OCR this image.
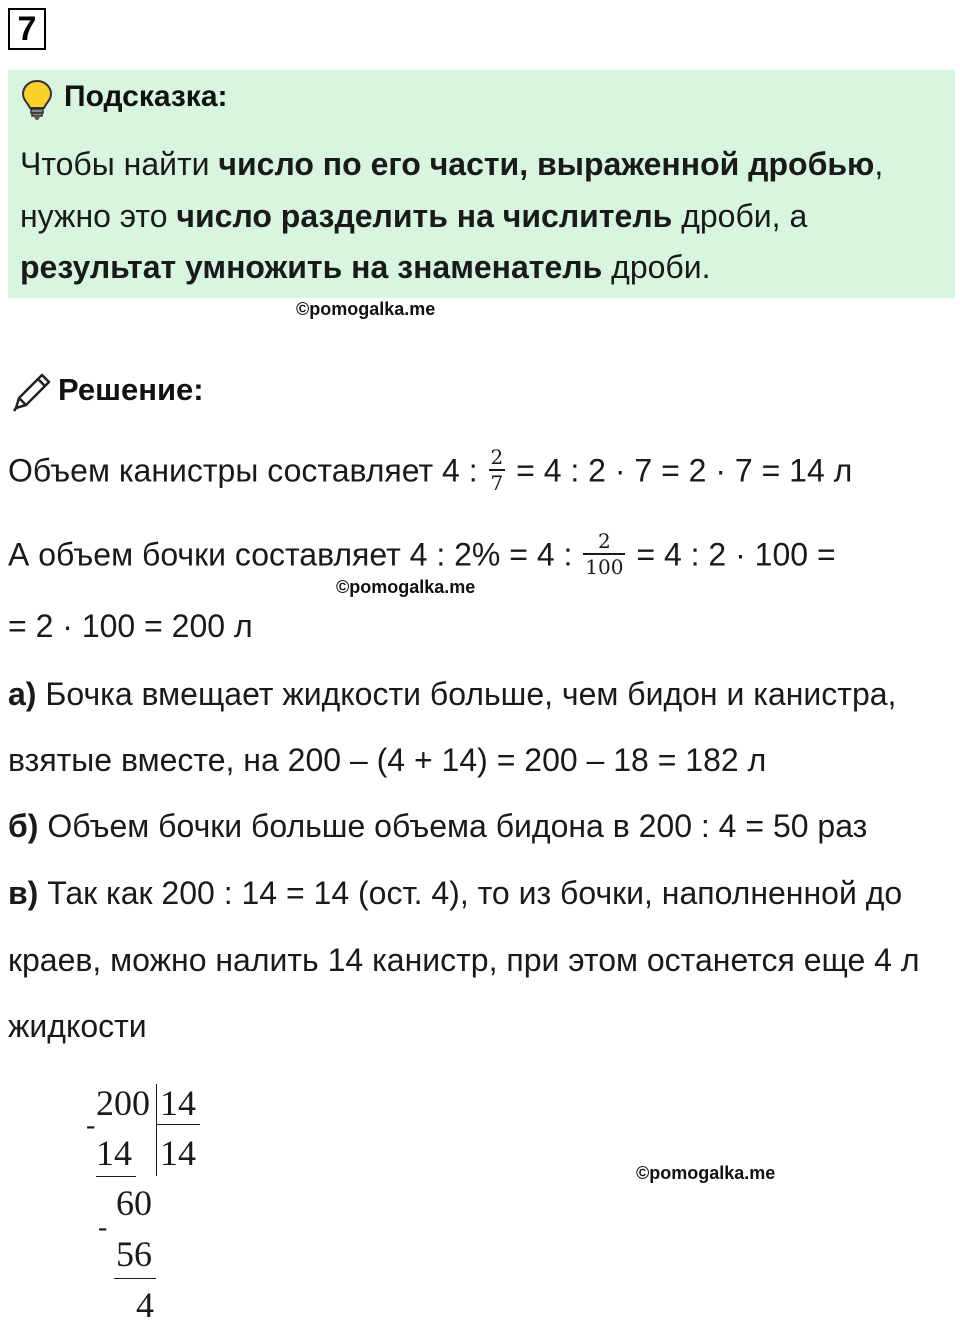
7
Подсказка:
Чтобы найти число по его части, выраженной дробью,
нужно это число разделить на числитель дроби, а
результат умножить на знаменатель дроби.
©pomogalka.me
Решение:
Объем канистры составляет 4 : $\frac{2}{7} = 4$ : 2 · 7 = 2 · 7 = 14 л
А объем бочки составляет 4 : 2% = 4 : $\frac{2}{100} = 4$ : 2 · 100 =
©pomogalka.me
= 2 · 100 = 200 л
а) Бочка вмещает жидкости больше, чем бидон и канистра,
взятые вместе, на 200 – (4 + 14) = 200 – 18 = 182 л
б) Объем бочки больше объема бидона в 200 : 4 = 50 раз
в) Так как 200 : 14 = 14 (ост. 4), то из бочки, наполненной до
краев, можно налить 14 канистр, при этом останется еще 4 л
жидкости
200 14
-
14 14
60
-
56
4
©pomogalka.me
